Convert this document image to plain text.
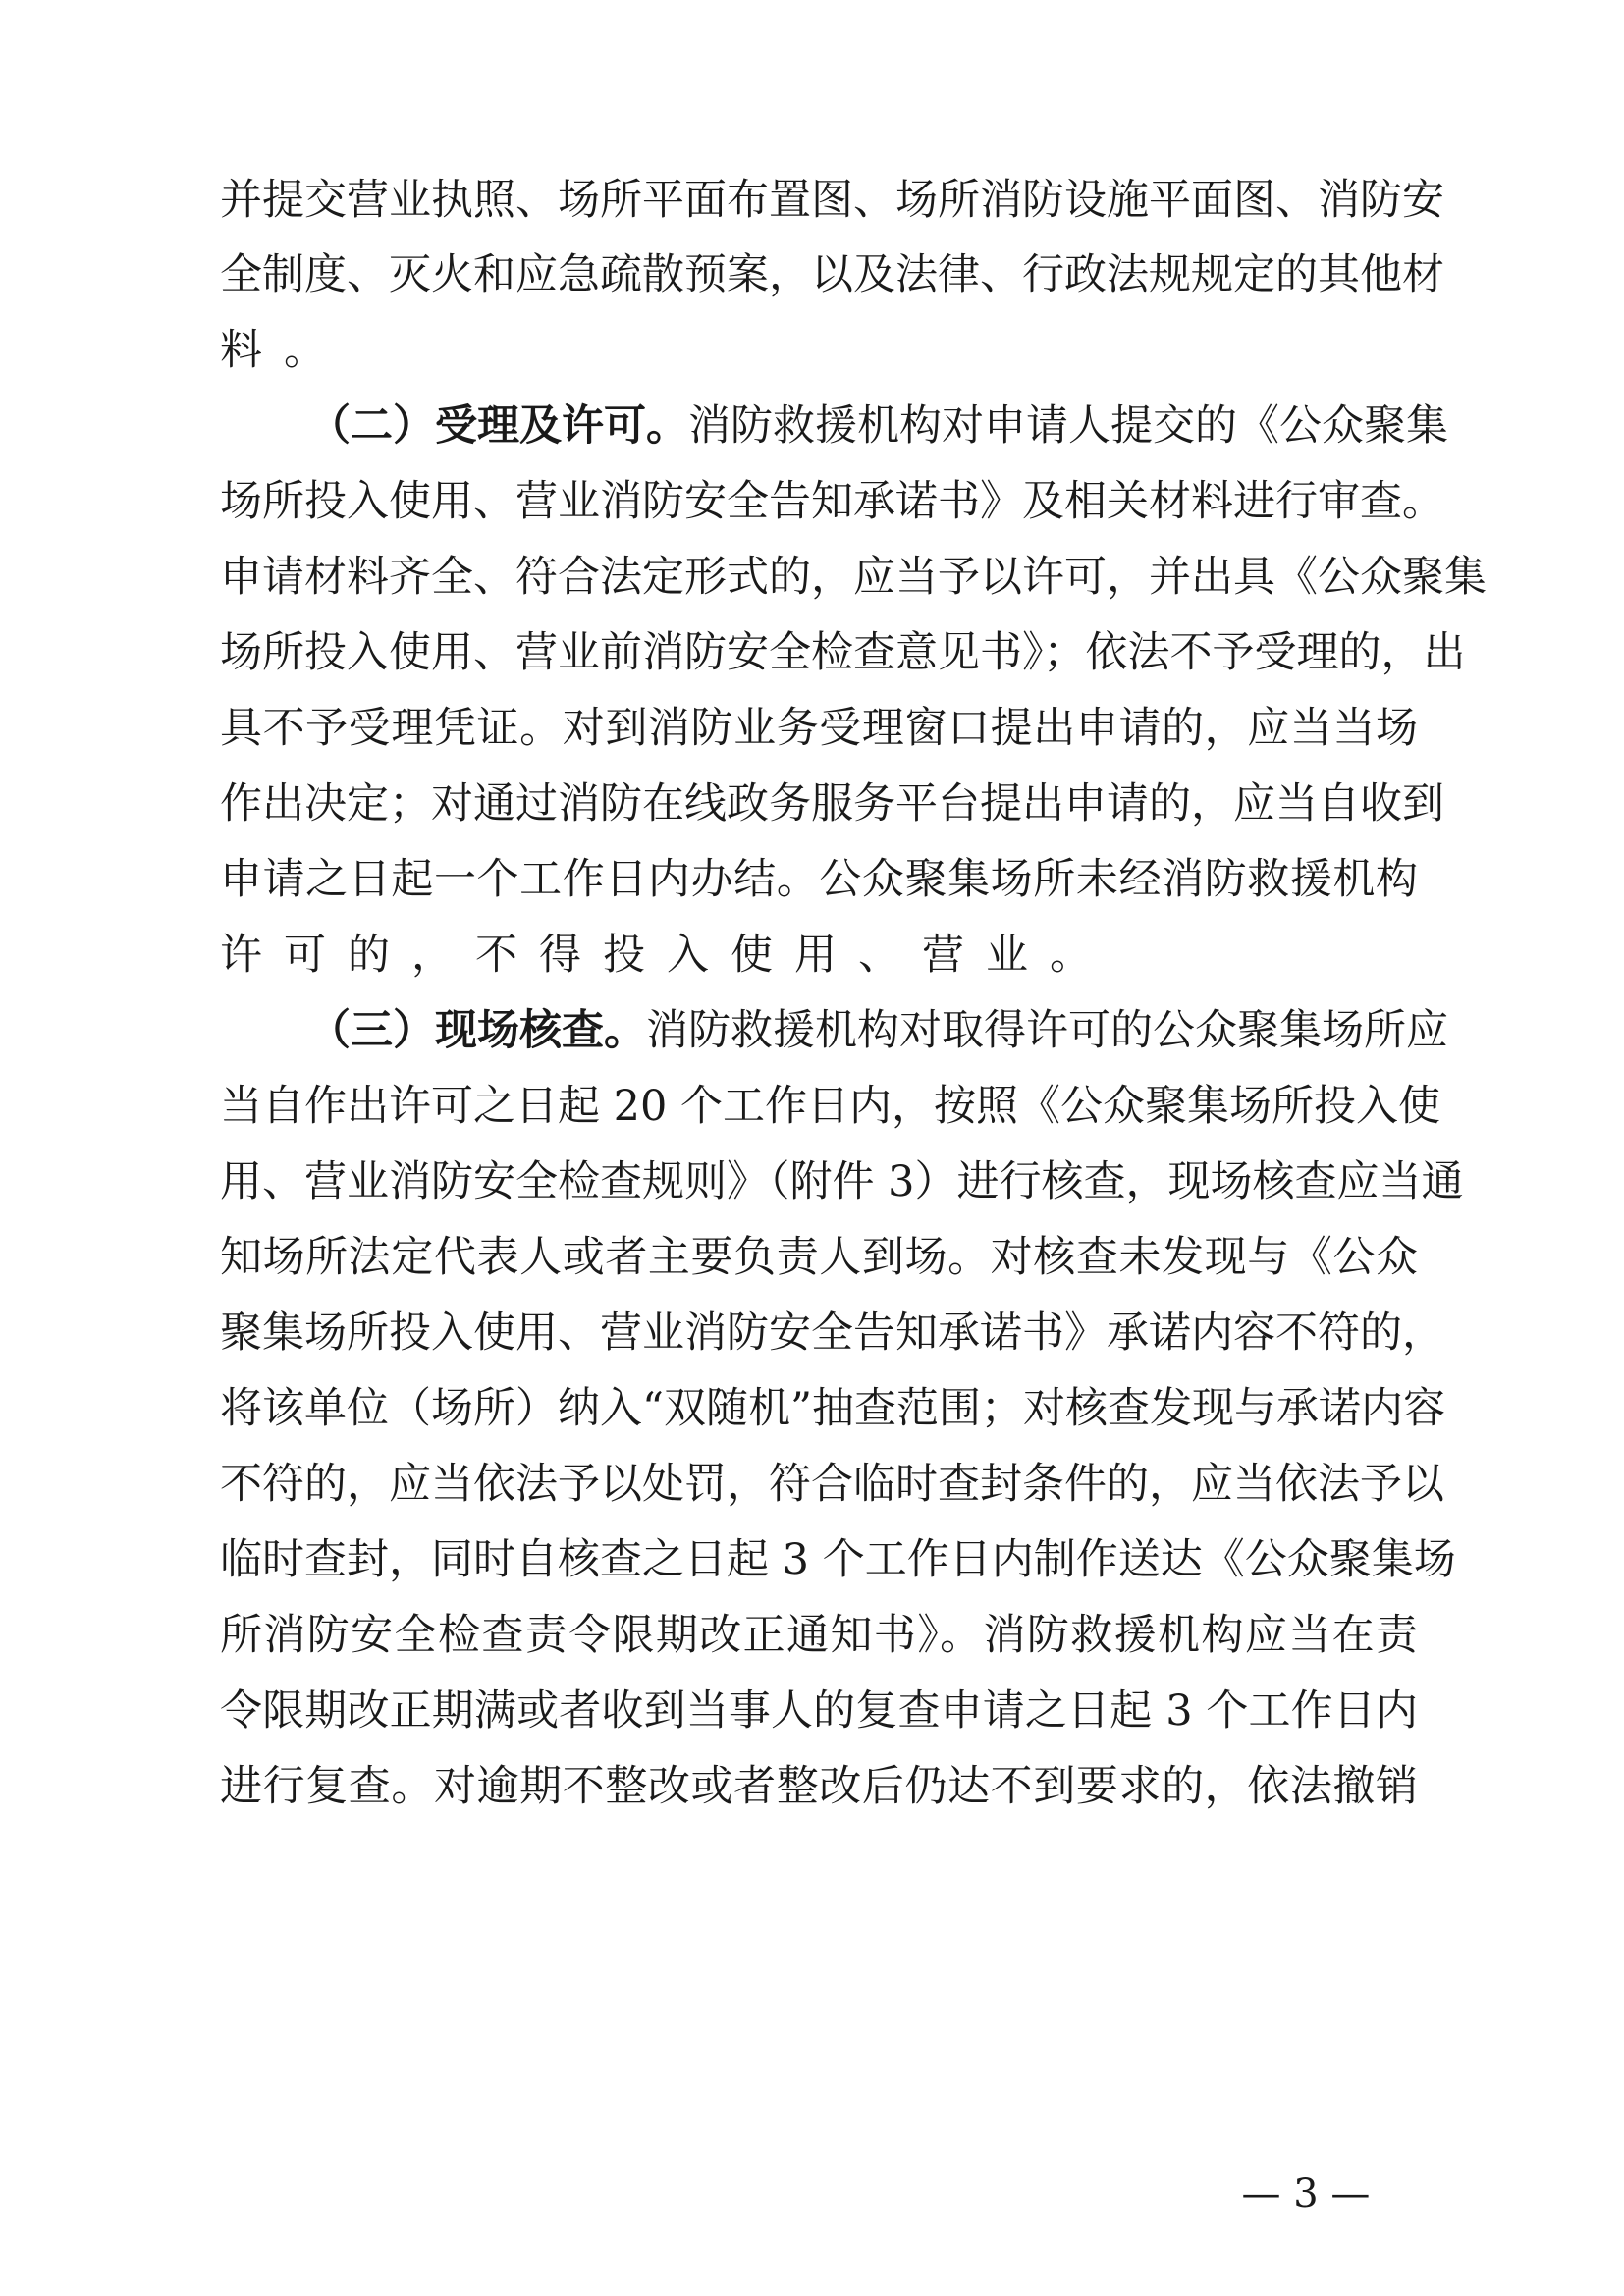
并提交营业执照、场所平面布置图、场所消防设施平面图、消防安
全制度、灭火和应急疏散预案，以及法律、行政法规规定的其他材
料。
（二）受理及许可。消防救援机构对申请人提交的《公众聚集
场所投入使用、营业消防安全告知承诺书》及相关材料进行审查。
申请材料齐全、符合法定形式的，应当予以许可，并出具《公众聚集
场所投入使用、营业前消防安全检查意见书》；依法不予受理的，出
具不予受理凭证。对到消防业务受理窗口提出申请的，应当当场
作出决定；对通过消防在线政务服务平台提出申请的，应当自收到
申请之日起一个工作日内办结。公众聚集场所未经消防救援机构
许可的，不得投入使用、营业。
（三）现场核查。消防救援机构对取得许可的公众聚集场所应
当自作出许可之日起 20 个工作日内，按照《公众聚集场所投入使
用、营业消防安全检查规则》（附件 3）进行核查，现场核查应当通
知场所法定代表人或者主要负责人到场。对核查未发现与《公众
聚集场所投入使用、营业消防安全告知承诺书》承诺内容不符的，
将该单位（场所）纳入“双随机”抽查范围；对核查发现与承诺内容
不符的，应当依法予以处罚，符合临时查封条件的，应当依法予以
临时查封，同时自核查之日起 3 个工作日内制作送达《公众聚集场
所消防安全检查责令限期改正通知书》。消防救援机构应当在责
令限期改正期满或者收到当事人的复查申请之日起 3 个工作日内
进行复查。对逾期不整改或者整改后仍达不到要求的，依法撤销
— 3 —
